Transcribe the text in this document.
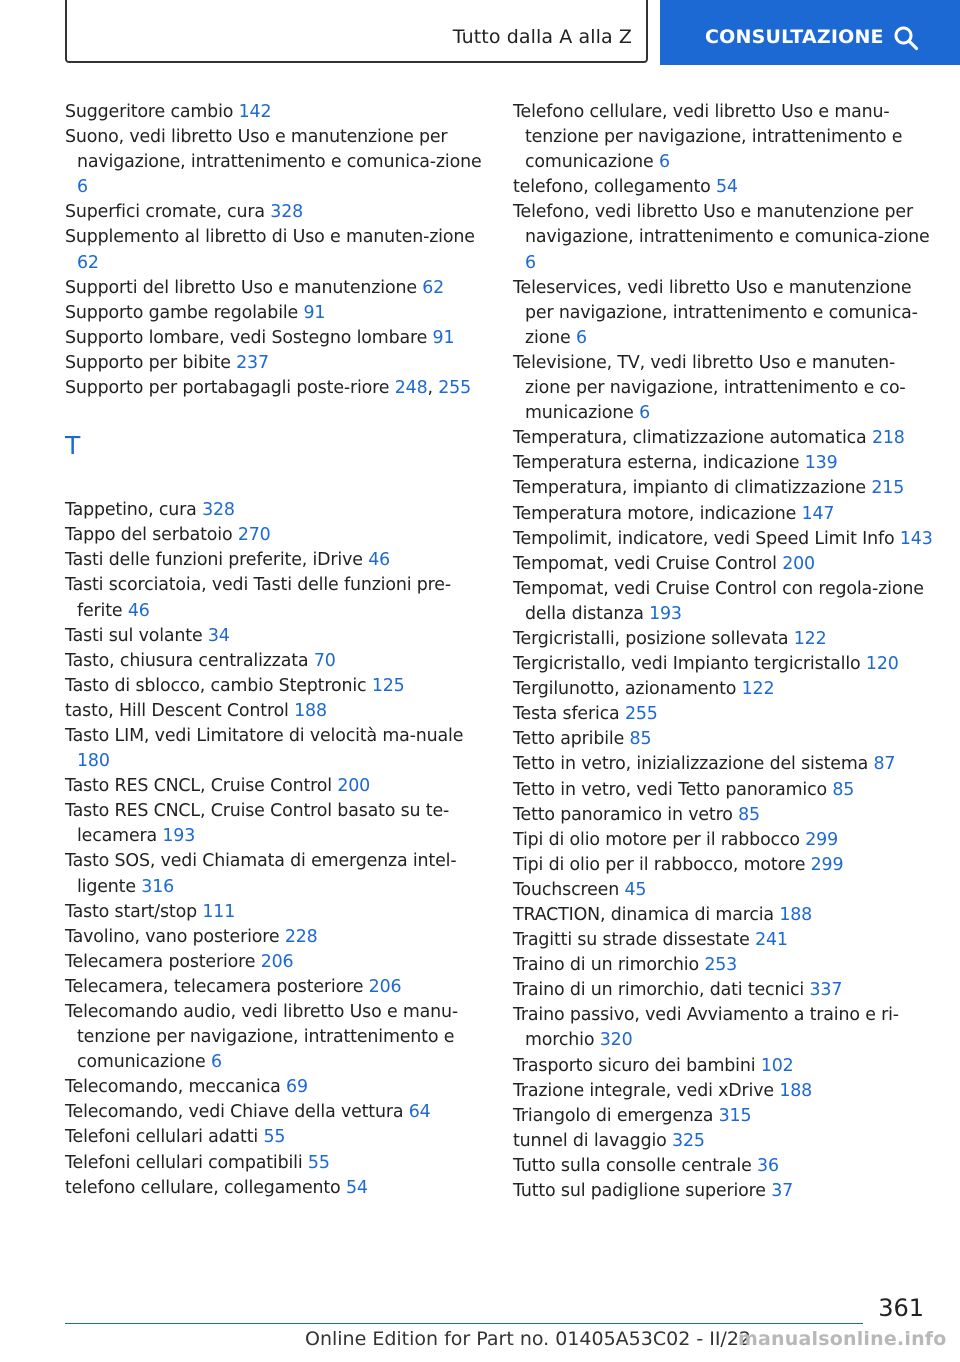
Tutto dalla A alla Z	CONSULTAZIONE
Suggeritore cambio 142
Suono, vedi libretto Uso e manutenzione per navigazione, intrattenimento e comunica‐zione 6
Superfici cromate, cura 328
Supplemento al libretto di Uso e manuten‐zione 62
Supporti del libretto Uso e manutenzione 62
Supporto gambe regolabile 91
Supporto lombare, vedi Sostegno lombare 91
Supporto per bibite 237
Supporto per portabagagli poste‐riore 248, 255
T
Tappetino, cura 328
Tappo del serbatoio 270
Tasti delle funzioni preferite, iDrive 46
Tasti scorciatoia, vedi Tasti delle funzioni pre‐ferite 46
Tasti sul volante 34
Tasto, chiusura centralizzata 70
Tasto di sblocco, cambio Steptronic 125
tasto, Hill Descent Control 188
Tasto LIM, vedi Limitatore di velocità ma‐nuale 180
Tasto RES CNCL, Cruise Control 200
Tasto RES CNCL, Cruise Control basato su te‐lecamera 193
Tasto SOS, vedi Chiamata di emergenza intel‐ligente 316
Tasto start/stop 111
Tavolino, vano posteriore 228
Telecamera posteriore 206
Telecamera, telecamera posteriore 206
Telecomando audio, vedi libretto Uso e manu‐tenzione per navigazione, intrattenimento e comunicazione 6
Telecomando, meccanica 69
Telecomando, vedi Chiave della vettura 64
Telefoni cellulari adatti 55
Telefoni cellulari compatibili 55
telefono cellulare, collegamento 54
Telefono cellulare, vedi libretto Uso e manu‐tenzione per navigazione, intrattenimento e comunicazione 6
telefono, collegamento 54
Telefono, vedi libretto Uso e manutenzione per navigazione, intrattenimento e comunica‐zione 6
Teleservices, vedi libretto Uso e manutenzione per navigazione, intrattenimento e comunica‐zione 6
Televisione, TV, vedi libretto Uso e manuten‐zione per navigazione, intrattenimento e co‐municazione 6
Temperatura, climatizzazione automatica 218
Temperatura esterna, indicazione 139
Temperatura, impianto di climatizzazione 215
Temperatura motore, indicazione 147
Tempolimit, indicatore, vedi Speed Limit Info 143
Tempomat, vedi Cruise Control 200
Tempomat, vedi Cruise Control con regola‐zione della distanza 193
Tergicristalli, posizione sollevata 122
Tergicristallo, vedi Impianto tergicristallo 120
Tergilunotto, azionamento 122
Testa sferica 255
Tetto apribile 85
Tetto in vetro, inizializzazione del sistema 87
Tetto in vetro, vedi Tetto panoramico 85
Tetto panoramico in vetro 85
Tipi di olio motore per il rabbocco 299
Tipi di olio per il rabbocco, motore 299
Touchscreen 45
TRACTION, dinamica di marcia 188
Tragitti su strade dissestate 241
Traino di un rimorchio 253
Traino di un rimorchio, dati tecnici 337
Traino passivo, vedi Avviamento a traino e ri‐morchio 320
Trasporto sicuro dei bambini 102
Trazione integrale, vedi xDrive 188
Triangolo di emergenza 315
tunnel di lavaggio 325
Tutto sulla consolle centrale 36
Tutto sul padiglione superiore 37
361
Online Edition for Part no. 01405A53C02 - II/22
manualsonline.info
